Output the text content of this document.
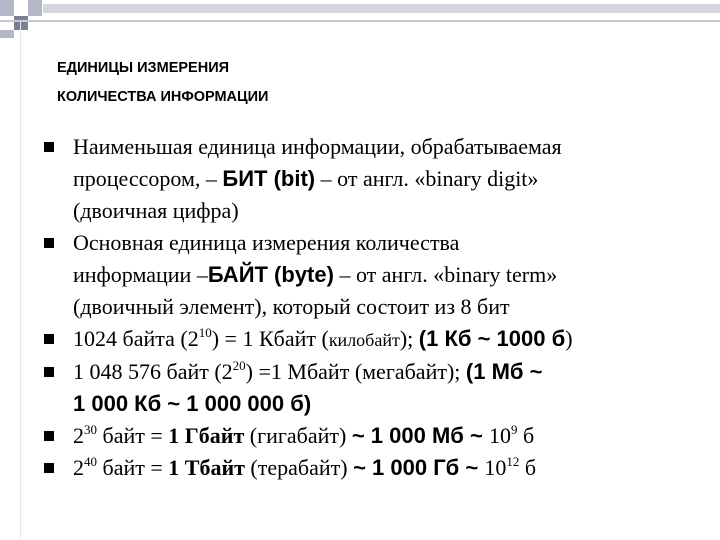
ЕДИНИЦЫ ИЗМЕРЕНИЯ
КОЛИЧЕСТВА ИНФОРМАЦИИ
Наименьшая единица информации, обрабатываемая
процессором, – БИТ (bit) – от англ. «binary digit»
(двоичная цифра)
Основная единица измерения количества
информации –БАЙТ (byte) – от англ. «binary term»
(двоичный элемент), который состоит из 8 бит
1024 байта $(2^{10}) = 1$ Кбайт (килобайт); (1 Кб ~ 1000 б)
1 048 576 байт $(2^{20}) =1$ Мбайт (мегабайт); (1 Мб ~
1 000 Кб ~ 1 000 000 б)
$2^{30}$ байт = 1 Гбайт (гигабайт) ~ 1 000 Мб ~ $10^9$ б
$2^{40}$ байт = 1 Тбайт (терабайт) ~ 1 000 Гб ~ $10^{12}$ б
